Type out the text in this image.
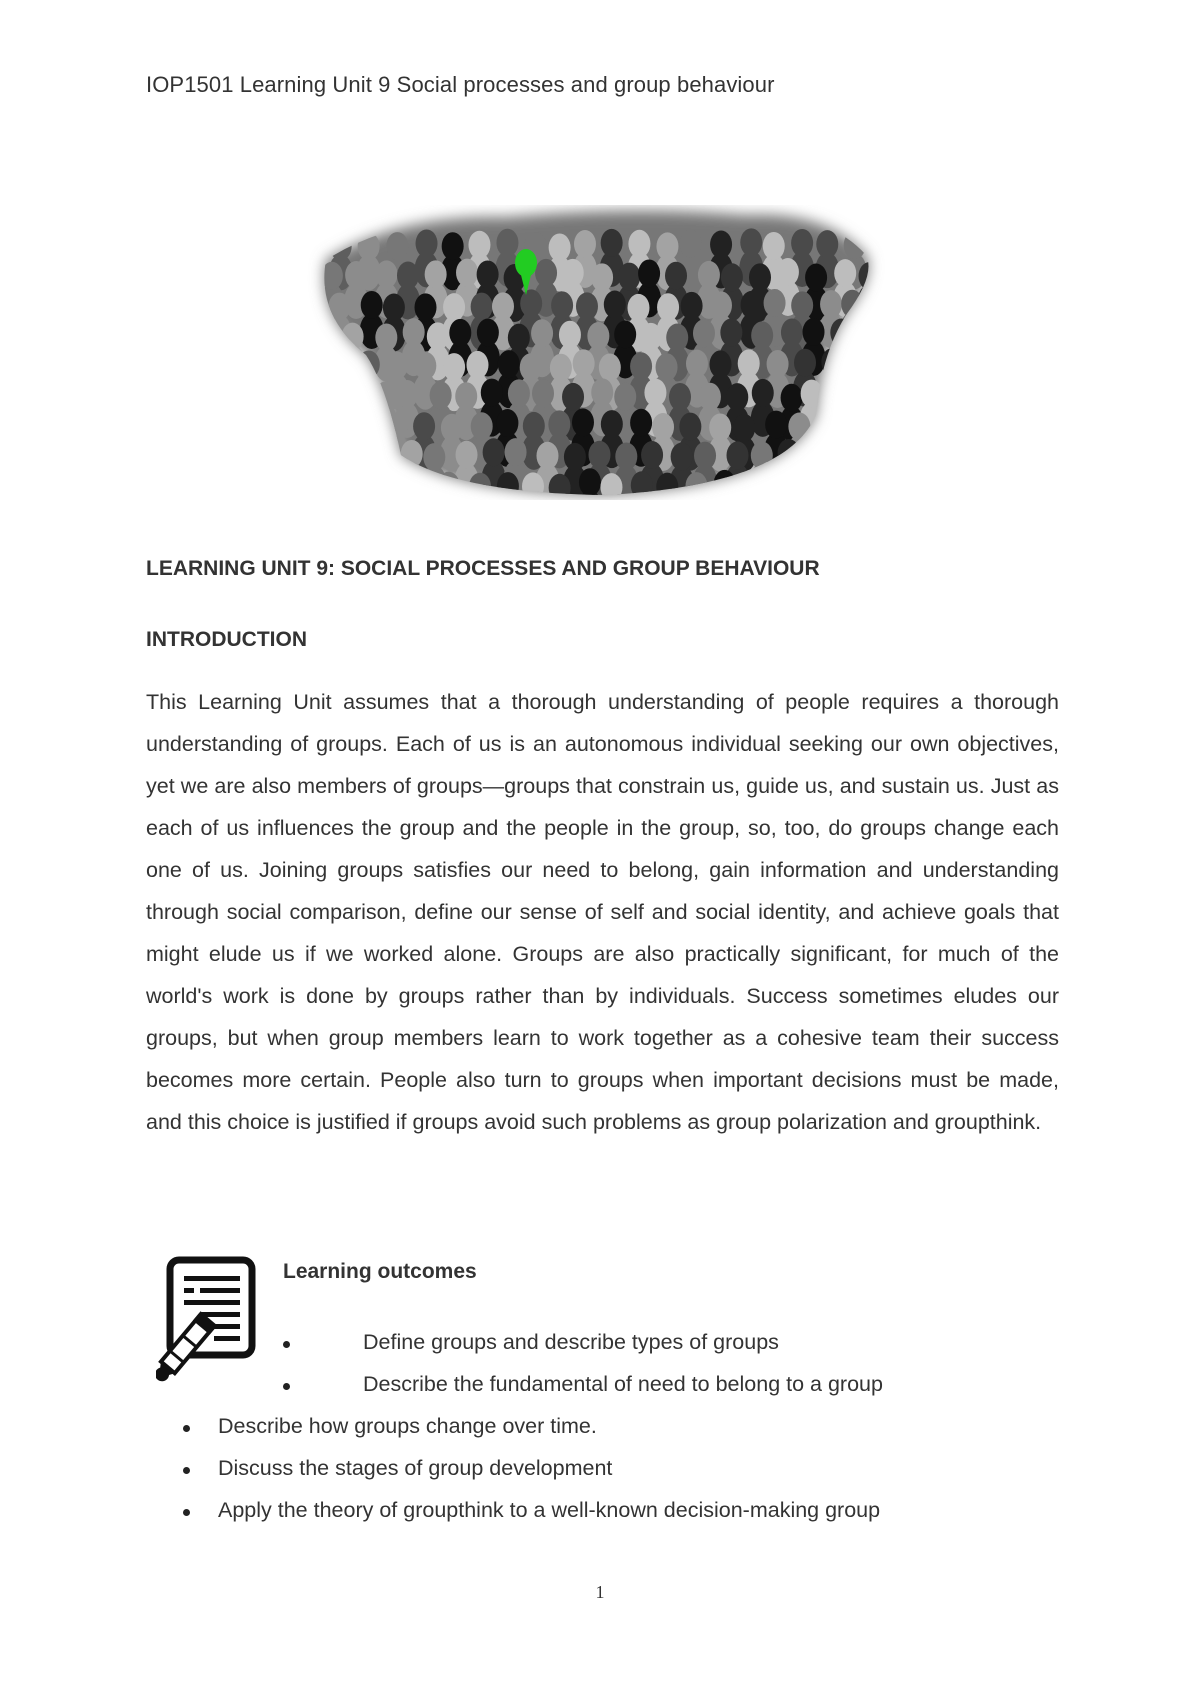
IOP1501 Learning Unit 9 Social processes and group behaviour
LEARNING UNIT 9: SOCIAL PROCESSES AND GROUP BEHAVIOUR
INTRODUCTION

This Learning Unit assumes that a thorough understanding of people requires a thorough understanding of groups. Each of us is an autonomous individual seeking our own objectives, yet we are also members of groups—groups that constrain us, guide us, and sustain us. Just as each of us influences the group and the people in the group, so, too, do groups change each one of us. Joining groups satisfies our need to belong, gain information and understanding through social comparison, define our sense of self and social identity, and achieve goals that might elude us if we worked alone. Groups are also practically significant, for much of the world's work is done by groups rather than by individuals. Success sometimes eludes our groups, but when group members learn to work together as a cohesive team their success becomes more certain. People also turn to groups when important decisions must be made, and this choice is justified if groups avoid such problems as group polarization and groupthink.

Learning outcomes
Define groups and describe types of groups
Describe the fundamental of need to belong to a group
Describe how groups change over time.
Discuss the stages of group development
Apply the theory of groupthink to a well-known decision-making group
1
